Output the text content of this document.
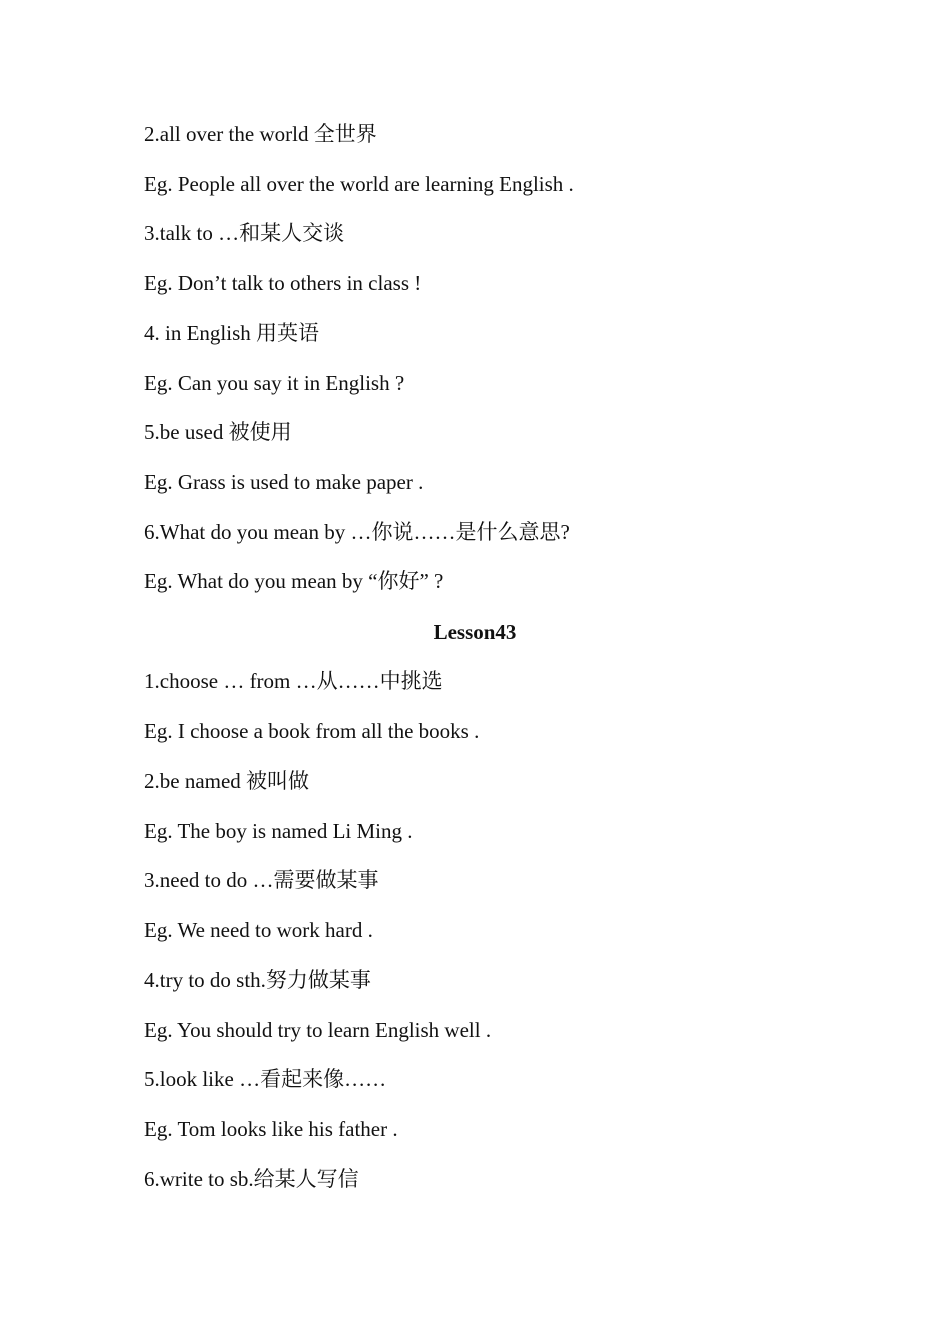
2.all over the world 全世界
Eg. People all over the world are learning English .
3.talk to …和某人交谈
Eg. Don’t talk to others in class !
4. in English 用英语
Eg. Can you say it in English ?
5.be used 被使用
Eg. Grass is used to make paper .
6.What do you mean by …你说……是什么意思?
Eg. What do you mean by “你好” ?
Lesson43
1.choose … from …从……中挑选
Eg. I choose a book from all the books .
2.be named 被叫做
Eg. The boy is named Li Ming .
3.need to do …需要做某事
Eg. We need to work hard .
4.try to do sth.努力做某事
Eg. You should try to learn English well .
5.look like …看起来像……
Eg. Tom looks like his father .
6.write to sb.给某人写信
